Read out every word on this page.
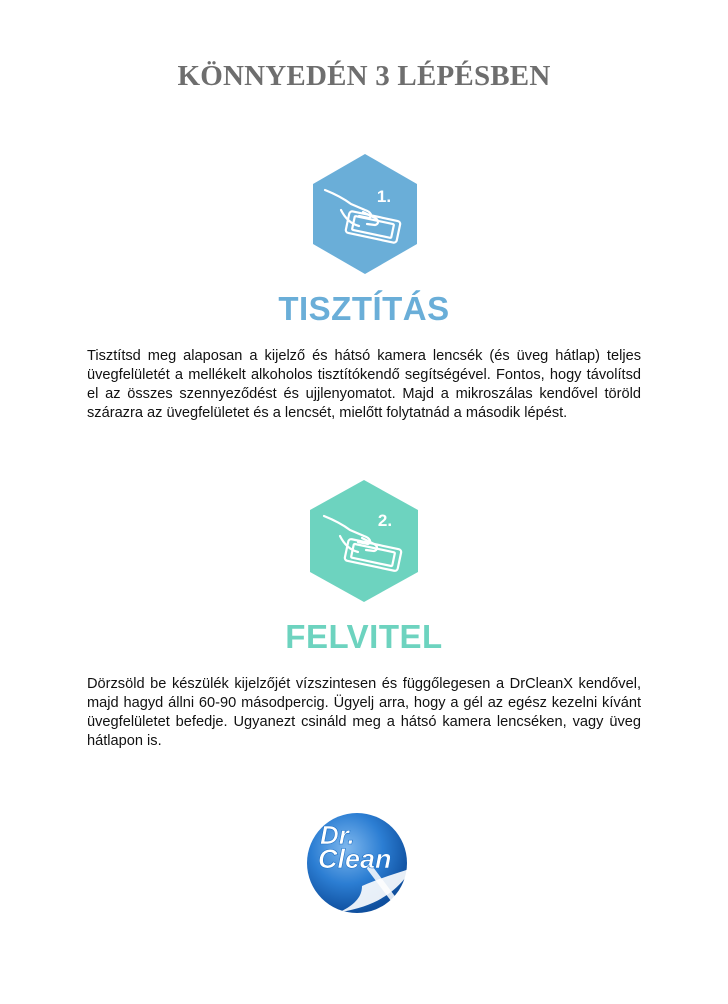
KÖNNYEDÉN 3 LÉPÉSBEN
1.
TISZTÍTÁS
Tisztítsd meg alaposan a kijelző és hátsó kamera lencsék (és üveg hátlap) teljes üvegfelületét a mellékelt alkoholos tisztítókendő segítségével. Fontos, hogy távolítsd el az összes szennyeződést és ujjlenyomatot. Majd a mikroszálas kendővel töröld szárazra az üvegfelületet és a lencsét, mielőtt folytatnád a második lépést.
2.
FELVITEL
Dörzsöld be készülék kijelzőjét vízszintesen és függőlegesen a DrCleanX kendővel, majd hagyd állni 60-90 másodpercig. Ügyelj arra, hogy a gél az egész kezelni kívánt üvegfelületet befedje. Ugyanezt csináld meg a hátsó kamera lencséken, vagy üveg hátlapon is.
Dr.
Clean
